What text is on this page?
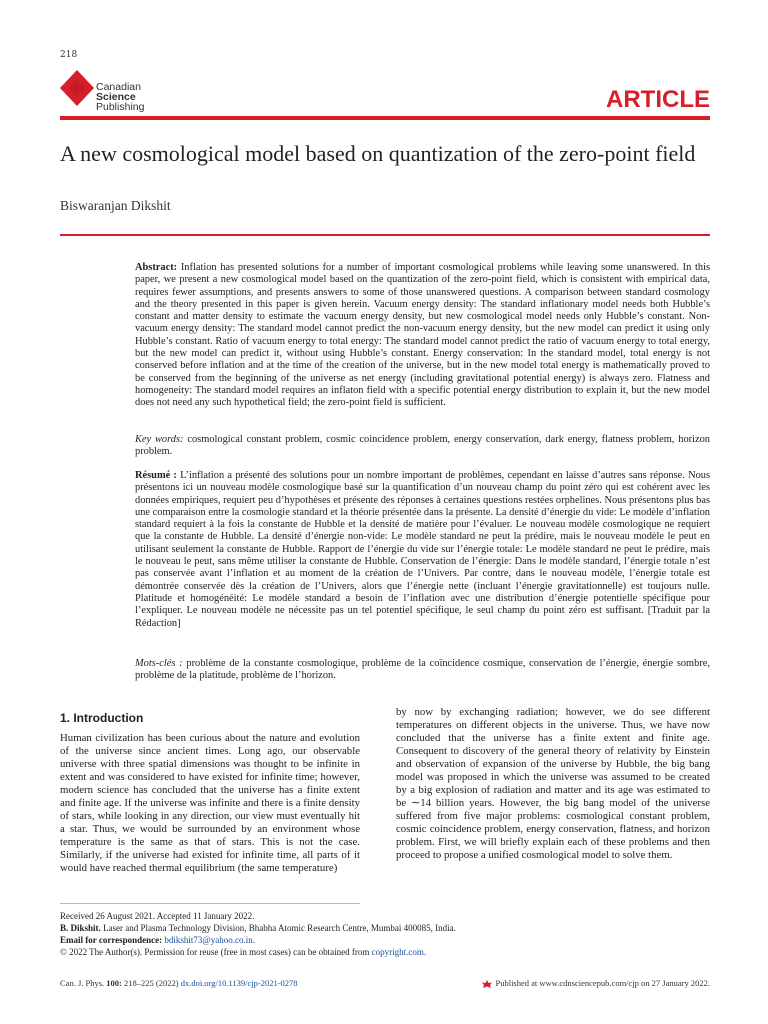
218
Canadian
Science
Publishing	ARTICLE
A new cosmological model based on quantization of the zero-point field
Biswaranjan Dikshit
Abstract: Inflation has presented solutions for a number of important cosmological problems while leaving some unanswered. In this paper, we present a new cosmological model based on the quantization of the zero-point field, which is consistent with empirical data, requires fewer assumptions, and presents answers to some of those unanswered questions. A comparison between standard cosmology and the theory presented in this paper is given herein. Vacuum energy density: The standard inflationary model needs both Hubble’s constant and matter density to estimate the vacuum energy density, but new cosmological model needs only Hubble’s constant. Non-vacuum energy density: The standard model cannot predict the non-vacuum energy density, but the new model can predict it using only Hubble’s constant. Ratio of vacuum energy to total energy: The standard model cannot predict the ratio of vacuum energy to total energy, but the new model can predict it, without using Hubble’s constant. Energy conservation: In the standard model, total energy is not conserved before inflation and at the time of the creation of the universe, but in the new model total energy is mathematically proved to be conserved from the beginning of the universe as net energy (including gravitational potential energy) is always zero. Flatness and homogeneity: The standard model requires an inflaton field with a specific potential energy distribution to explain it, but the new model does not need any such hypothetical field; the zero-point field is sufficient.
Key words: cosmological constant problem, cosmic coincidence problem, energy conservation, dark energy, flatness problem, horizon problem.
Résumé : L’inflation a présenté des solutions pour un nombre important de problèmes, cependant en laisse d’autres sans réponse. Nous présentons ici un nouveau modèle cosmologique basé sur la quantification d’un nouveau champ du point zéro qui est cohérent avec les données empiriques, requiert peu d’hypothèses et présente des réponses à certaines questions restées orphelines. Nous présentons plus bas une comparaison entre la cosmologie standard et la théorie présentée dans la présente. La densité d’énergie du vide: Le modèle d’inflation standard requiert à la fois la constante de Hubble et la densité de matière pour l’évaluer. Le nouveau modèle cosmologique ne requiert que la constante de Hubble. La densité d’énergie non-vide: Le modèle standard ne peut la prédire, mais le nouveau modèle le peut en utilisant seulement la constante de Hubble. Rapport de l’énergie du vide sur l’énergie totale: Le modèle standard ne peut le prédire, mais le nouveau le peut, sans même utiliser la constante de Hubble. Conservation de l’énergie: Dans le modèle standard, l’énergie totale n’est pas conservée avant l’inflation et au moment de la création de l’Univers. Par contre, dans le nouveau modèle, l’énergie totale est démontrée conservée dès la création de l’Univers, alors que l’énergie nette (incluant l’énergie gravitationnelle) est toujours nulle. Platitude et homogénéité: Le modèle standard a besoin de l’inflation avec une distribution d’énergie potentielle spécifique pour l’expliquer. Le nouveau modèle ne nécessite pas un tel potentiel spécifique, le seul champ du point zéro est suffisant. [Traduit par la Rédaction]
Mots-clés : problème de la constante cosmologique, problème de la coïncidence cosmique, conservation de l’énergie, énergie sombre, problème de la platitude, problème de l’horizon.
1. Introduction
Human civilization has been curious about the nature and evolution of the universe since ancient times. Long ago, our observable universe with three spatial dimensions was thought to be infinite in extent and was considered to have existed for infinite time; however, modern science has concluded that the universe has a finite extent and finite age. If the universe was infinite and there is a finite density of stars, while looking in any direction, our view must eventually hit a star. Thus, we would be surrounded by an environment whose temperature is the same as that of stars. This is not the case. Similarly, if the universe had existed for infinite time, all parts of it would have reached thermal equilibrium (the same temperature)
by now by exchanging radiation; however, we do see different temperatures on different objects in the universe. Thus, we have now concluded that the universe has a finite extent and finite age. Consequent to discovery of the general theory of relativity by Einstein and observation of expansion of the universe by Hubble, the big bang model was proposed in which the universe was assumed to be created by a big explosion of radiation and matter and its age was estimated to be ∼14 billion years. However, the big bang model of the universe suffered from five major problems: cosmological constant problem, cosmic coincidence problem, energy conservation, flatness, and horizon problem. First, we will briefly explain each of these problems and then proceed to propose a unified cosmological model to solve them.
Received 26 August 2021. Accepted 11 January 2022.
B. Dikshit. Laser and Plasma Technology Division, Bhabha Atomic Research Centre, Mumbai 400085, India.
Email for correspondence: bdikshit73@yahoo.co.in.
© 2022 The Author(s). Permission for reuse (free in most cases) can be obtained from copyright.com.
Can. J. Phys. 100: 218–225 (2022) dx.doi.org/10.1139/cjp-2021-0278	Published at www.cdnsciencepub.com/cjp on 27 January 2022.
